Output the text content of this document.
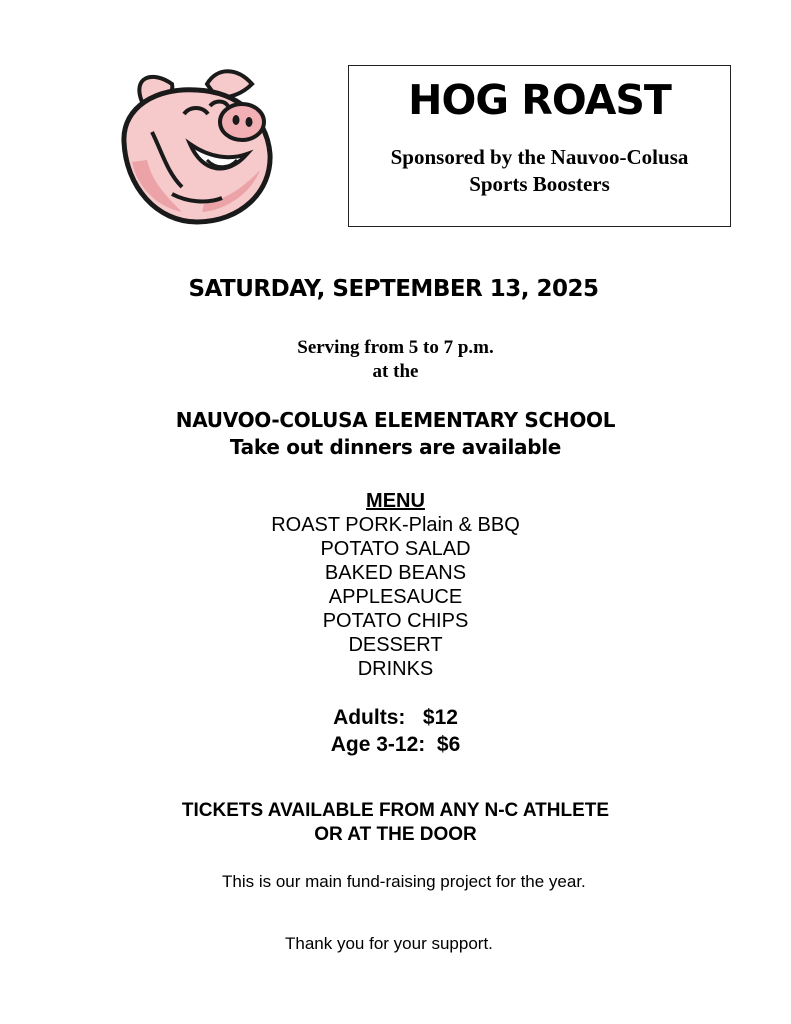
HOG ROAST
Sponsored by the Nauvoo-Colusa
Sports Boosters
SATURDAY, SEPTEMBER 13, 2025
Serving from 5 to 7 p.m.
at the
NAUVOO-COLUSA ELEMENTARY SCHOOL
Take out dinners are available
MENU
ROAST PORK-Plain & BBQ
POTATO SALAD
BAKED BEANS
APPLESAUCE
POTATO CHIPS
DESSERT
DRINKS
Adults:   $12
Age 3-12:  $6
TICKETS AVAILABLE FROM ANY N-C ATHLETE
OR AT THE DOOR
This is our main fund-raising project for the year.
Thank you for your support.
